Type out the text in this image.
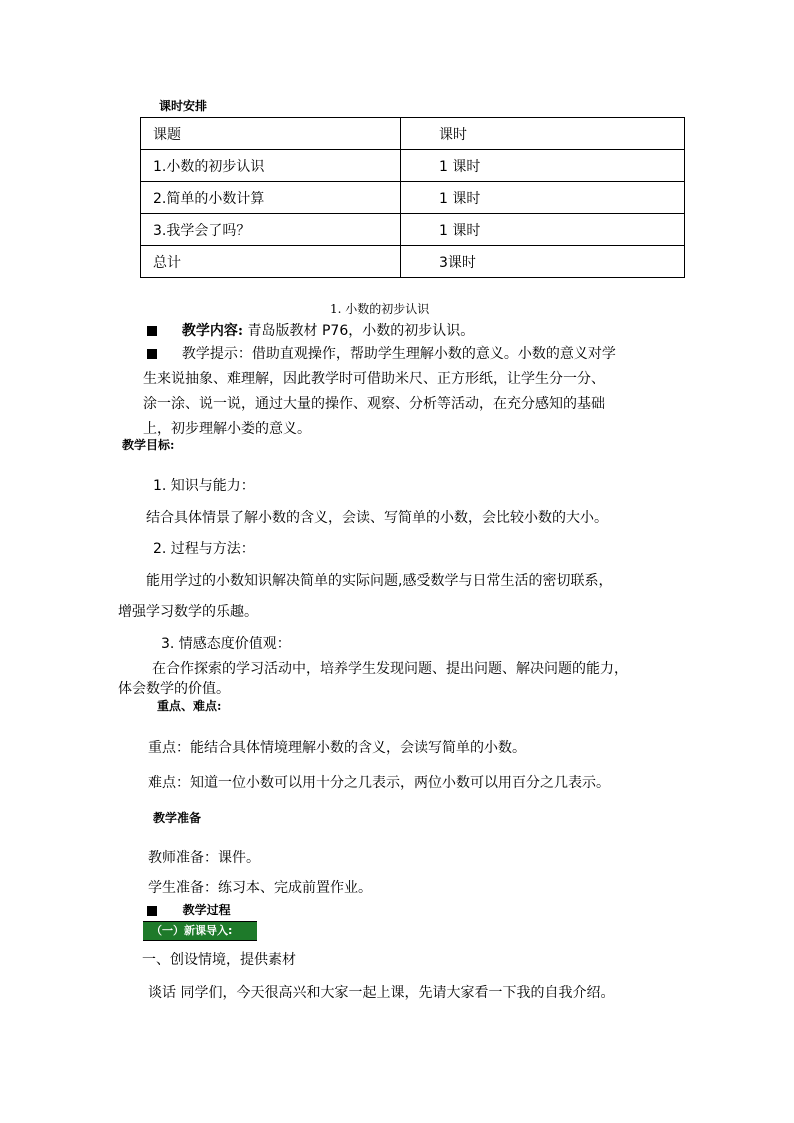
课时安排
课题	课时
1.小数的初步认识	1 课时
2.简单的小数计算	1 课时
3.我学会了吗？	1 课时
总计	3课时
1. 小数的初步认识
教学内容: 青岛版教材 P76，小数的初步认识。
教学提示：借助直观操作，帮助学生理解小数的意义。小数的意义对学
生来说抽象、难理解，因此教学时可借助米尺、正方形纸，让学生分一分、
涂一涂、说一说，通过大量的操作、观察、分析等活动，在充分感知的基础
上，初步理解小娄的意义。
教学目标:
1. 知识与能力：
结合具体情景了解小数的含义，会读、写简单的小数，会比较小数的大小。
2. 过程与方法：
能用学过的小数知识解决简单的实际问题,感受数学与日常生活的密切联系，
增强学习数学的乐趣。
3. 情感态度价值观：
在合作探索的学习活动中，培养学生发现问题、提出问题、解决问题的能力，
体会数学的价值。
重点、难点:
重点：能结合具体情境理解小数的含义，会读写简单的小数。
难点：知道一位小数可以用十分之几表示，两位小数可以用百分之几表示。
教学准备
教师准备：课件。
学生准备：练习本、完成前置作业。
教学过程
（一）新课导入:
一、创设情境，提供素材
谈话 同学们，今天很高兴和大家一起上课，先请大家看一下我的自我介绍。
